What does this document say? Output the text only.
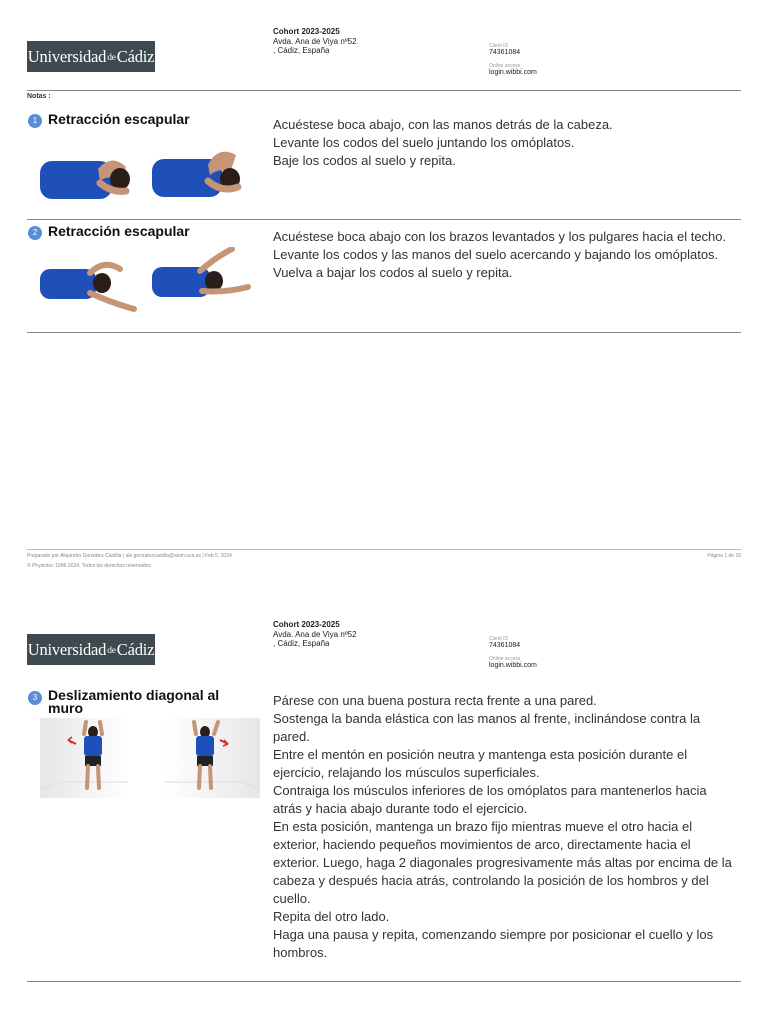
Universidad de Cádiz
Cohort 2023-2025
Avda. Ana de Viya nº52
, Cádiz, España	Client ID
74361084
Online access
login.wibbi.com
Notas :
1 Retracción escapular	Acuéstese boca abajo, con las manos detrás de la cabeza.
Levante los codos del suelo juntando los omóplatos.
Baje los codos al suelo y repita.
2 Retracción escapular	Acuéstese boca abajo con los brazos levantados y los pulgares hacia el techo.
Levante los codos y las manos del suelo acercando y bajando los omóplatos.
Vuelva a bajar los codos al suelo y repita.
Preparado por Alejandro González Castilla | ale.gonzalezcastilla@alum.uca.es | Feb 5, 2024	Página 1 de 15
© Physiotec 1996-2024. Todos los derechos reservados
Universidad de Cádiz
Cohort 2023-2025
Avda. Ana de Viya nº52
, Cádiz, España	Client ID
74361084
Online access
login.wibbi.com
3 Deslizamiento diagonal al muro	Párese con una buena postura recta frente a una pared.
Sostenga la banda elástica con las manos al frente, inclinándose contra la pared.
Entre el mentón en posición neutra y mantenga esta posición durante el ejercicio, relajando los músculos superficiales.
Contraiga los músculos inferiores de los omóplatos para mantenerlos hacia atrás y hacia abajo durante todo el ejercicio.
En esta posición, mantenga un brazo fijo mientras mueve el otro hacia el exterior, haciendo pequeños movimientos de arco, directamente hacia el exterior. Luego, haga 2 diagonales progresivamente más altas por encima de la cabeza y después hacia atrás, controlando la posición de los hombros y del cuello.
Repita del otro lado.
Haga una pausa y repita, comenzando siempre por posicionar el cuello y los hombros.
